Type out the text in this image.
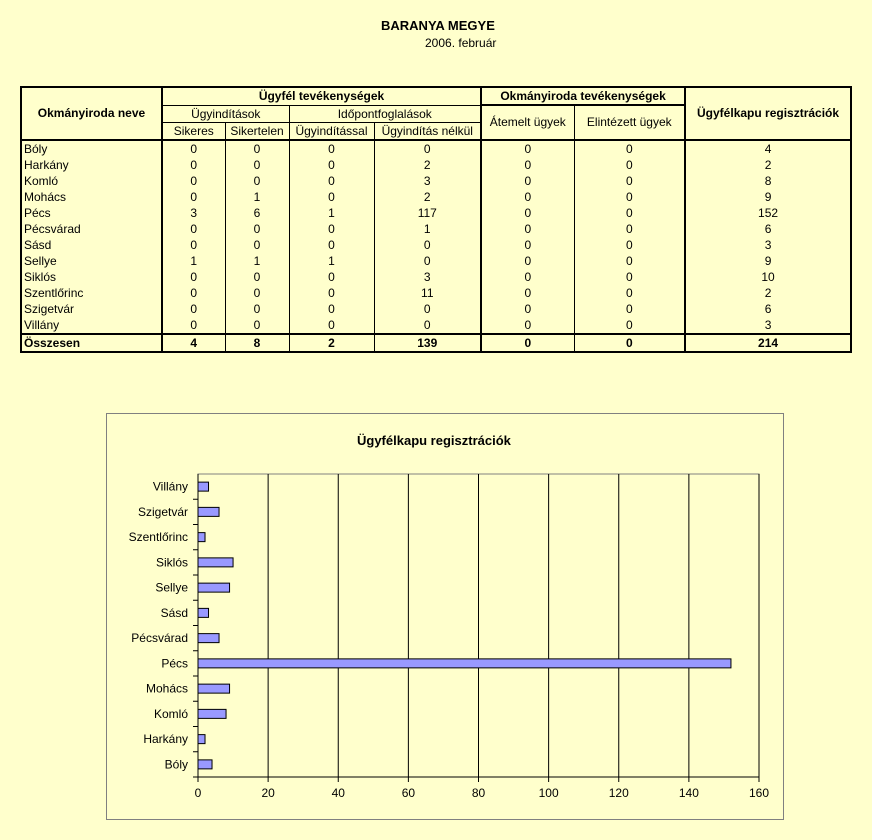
BARANYA MEGYE
2006. február
Okmányiroda neve	Ügyfél tevékenységek				Okmányiroda tevékenységek		Ügyfélkapu regisztrációk
	Ügyindítások		Időpontfoglalások		Átemelt ügyek	Elintézett ügyek	
	Sikeres	Sikertelen	Ügyindítással	Ügyindítás nélkül			
Bóly	0	0	0	0	0	0	4
Harkány	0	0	0	2	0	0	2
Komló	0	0	0	3	0	0	8
Mohács	0	1	0	2	0	0	9
Pécs	3	6	1	117	0	0	152
Pécsvárad	0	0	0	1	0	0	6
Sásd	0	0	0	0	0	0	3
Sellye	1	1	1	0	0	0	9
Siklós	0	0	0	3	0	0	10
Szentlőrinc	0	0	0	11	0	0	2
Szigetvár	0	0	0	0	0	0	6
Villány	0	0	0	0	0	0	3
Összesen	4	8	2	139	0	0	214
Ügyfélkapu regisztrációk
0	20	40	60	80	100	120	140	160
Bóly
Harkány
Komló
Mohács
Pécs
Pécsvárad
Sásd
Sellye
Siklós
Szentlőrinc
Szigetvár
Villány
